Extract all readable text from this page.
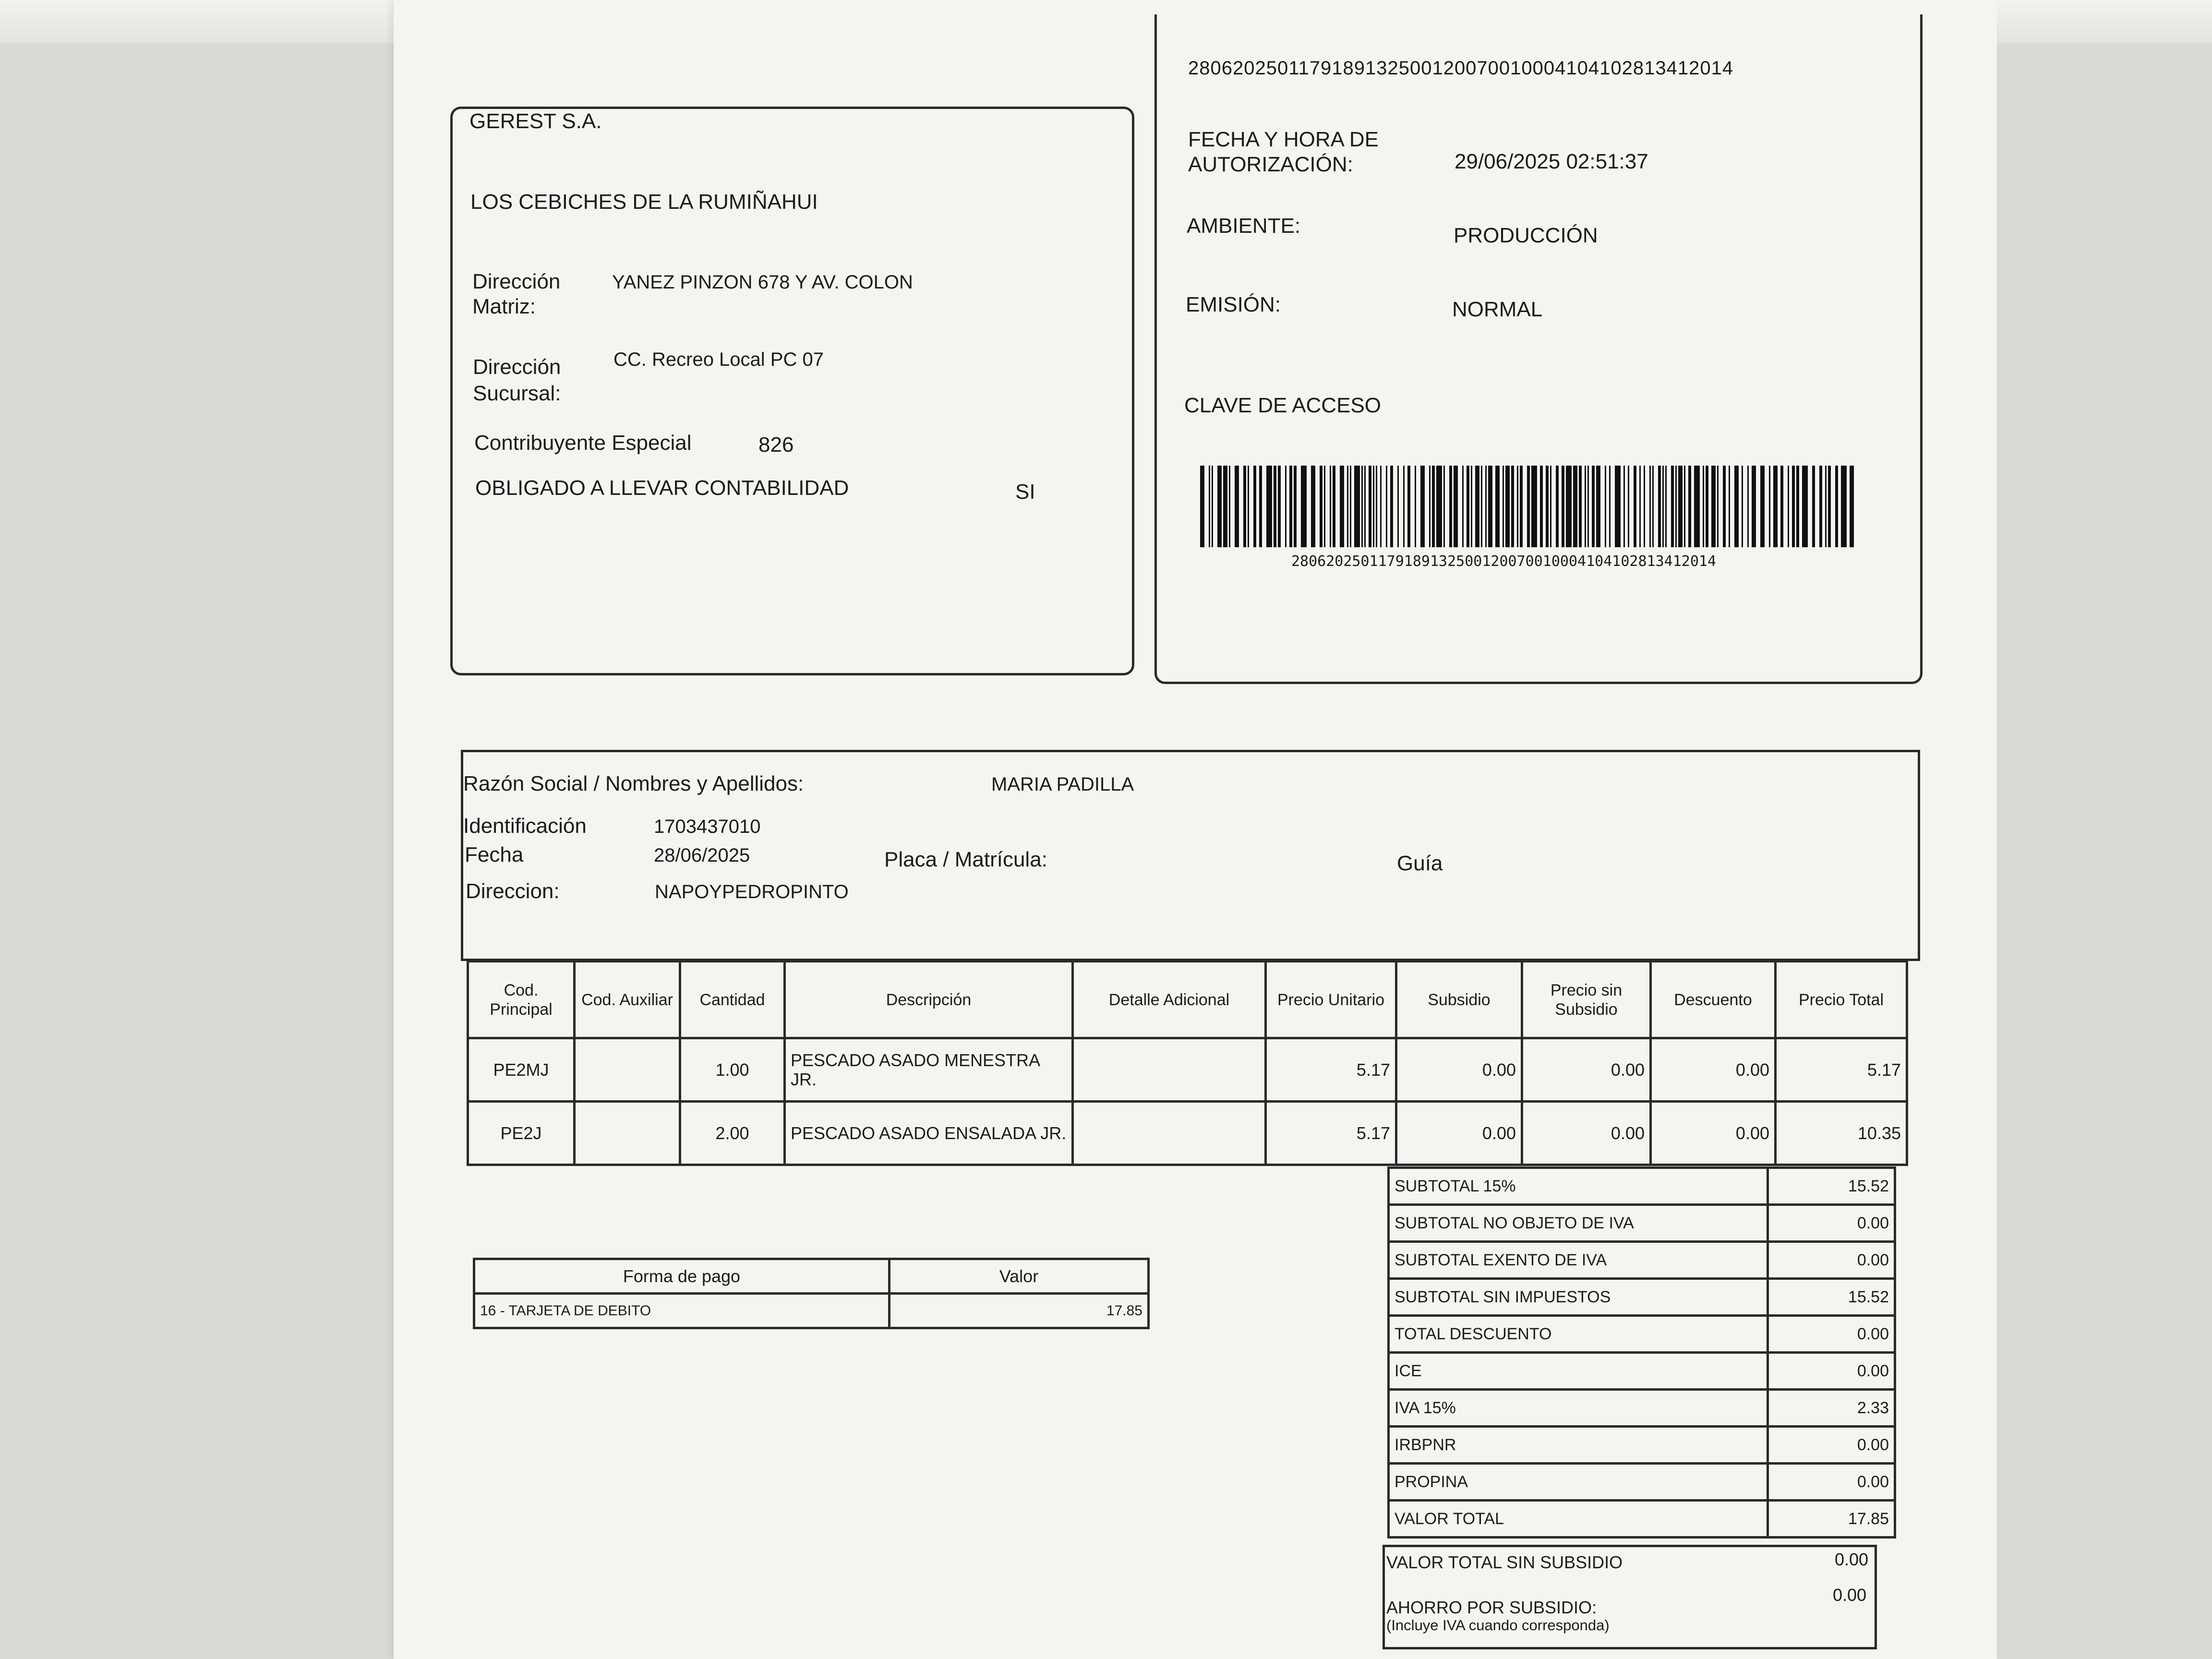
2806202501179189132500120070010004104102813412014
GEREST S.A.
LOS CEBICHES DE LA RUMIÑAHUI
Dirección
Matriz:
YANEZ PINZON 678 Y AV. COLON
Dirección
Sucursal:
CC. Recreo Local PC 07
Contribuyente Especial	826
OBLIGADO A LLEVAR CONTABILIDAD	SI
FECHA Y HORA DE
AUTORIZACIÓN:	29/06/2025 02:51:37
AMBIENTE:	PRODUCCIÓN
EMISIÓN:	NORMAL
CLAVE DE ACCESO
2806202501179189132500120070010004104102813412014
Razón Social / Nombres y Apellidos:	MARIA PADILLA
Identificación	1703437010
Fecha	28/06/2025	Placa / Matrícula:	Guía
Direccion:	NAPOYPEDROPINTO
Cod. Principal	Cod. Auxiliar	Cantidad	Descripción	Detalle Adicional	Precio Unitario	Subsidio	Precio sin Subsidio	Descuento	Precio Total
PE2MJ		1.00	PESCADO ASADO MENESTRA JR.		5.17	0.00	0.00	0.00	5.17
PE2J		2.00	PESCADO ASADO ENSALADA JR.		5.17	0.00	0.00	0.00	10.35
SUBTOTAL 15%	15.52
SUBTOTAL NO OBJETO DE IVA	0.00
SUBTOTAL EXENTO DE IVA	0.00
SUBTOTAL SIN IMPUESTOS	15.52
TOTAL DESCUENTO	0.00
ICE	0.00
IVA 15%	2.33
IRBPNR	0.00
PROPINA	0.00
VALOR TOTAL	17.85
VALOR TOTAL SIN SUBSIDIO	0.00
AHORRO POR SUBSIDIO:
(Incluye IVA cuando corresponda)
0.00
Forma de pago	Valor
16 - TARJETA DE DEBITO	17.85
